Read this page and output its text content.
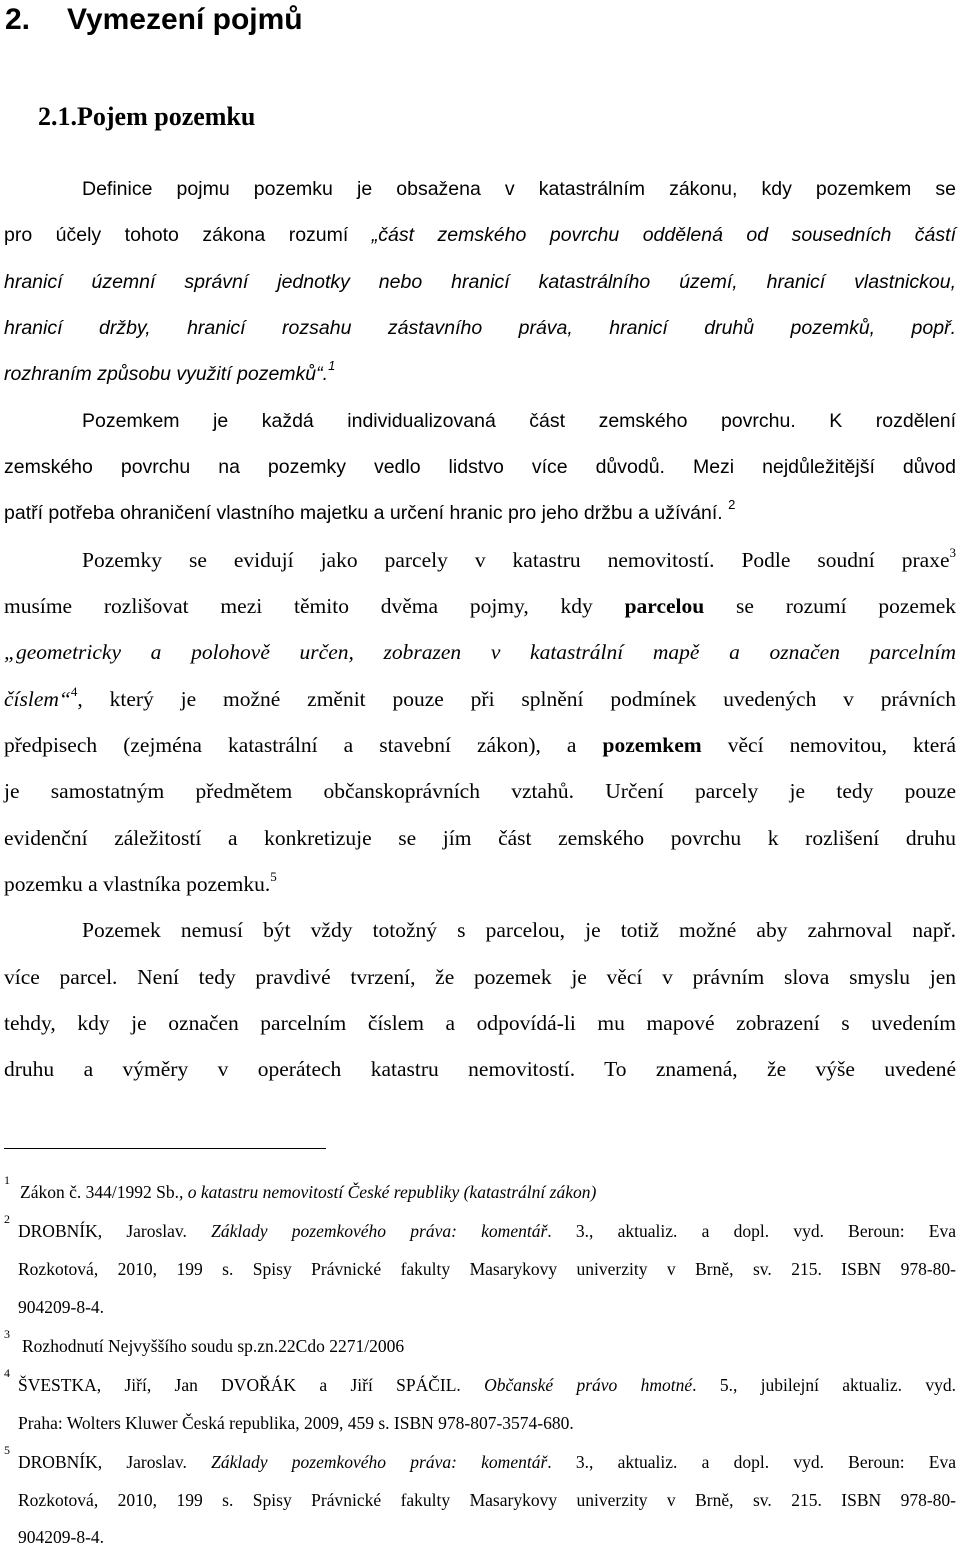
2. Vymezení pojmů
2.1.Pojem pozemku
Definice pojmu pozemku je obsažena v katastrálním zákonu, kdy pozemkem se
pro účely tohoto zákona rozumí „část zemského povrchu oddělená od sousedních částí
hranicí územní správní jednotky nebo hranicí katastrálního území, hranicí vlastnickou,
hranicí držby, hranicí rozsahu zástavního práva, hranicí druhů pozemků, popř.
rozhraním způsobu využití pozemků“.$^1$
Pozemkem je každá individualizovaná část zemského povrchu. K rozdělení
zemského povrchu na pozemky vedlo lidstvo více důvodů. Mezi nejdůležitější důvod
patří potřeba ohraničení vlastního majetku a určení hranic pro jeho držbu a užívání. $^2$
Pozemky se evidují jako parcely v katastru nemovitostí. Podle soudní praxe$^3$
musíme rozlišovat mezi těmito dvěma pojmy, kdy parcelou se rozumí pozemek
„geometricky a polohově určen, zobrazen v katastrální mapě a označen parcelním
číslem“$^4$, který je možné změnit pouze při splnění podmínek uvedených v právních
předpisech (zejména katastrální a stavební zákon), a pozemkem věcí nemovitou, která
je samostatným předmětem občanskoprávních vztahů. Určení parcely je tedy pouze
evidenční záležitostí a konkretizuje se jím část zemského povrchu k rozlišení druhu
pozemku a vlastníka pozemku.$^5$
Pozemek nemusí být vždy totožný s parcelou, je totiž možné aby zahrnoval např.
více parcel. Není tedy pravdivé tvrzení, že pozemek je věcí v právním slova smyslu jen
tehdy, kdy je označen parcelním číslem a odpovídá-li mu mapové zobrazení s uvedením
druhu a výměry v operátech katastru nemovitostí. To znamená, že výše uvedené
1
Zákon č. 344/1992 Sb., o katastru nemovitostí České republiky (katastrální zákon)
2
DROBNÍK, Jaroslav. Základy pozemkového práva: komentář. 3., aktualiz. a dopl. vyd. Beroun: Eva
Rozkotová, 2010, 199 s. Spisy Právnické fakulty Masarykovy univerzity v Brně, sv. 215. ISBN 978-80-
904209-8-4.
3
Rozhodnutí Nejvyššího soudu sp.zn.22Cdo 2271/2006
4
ŠVESTKA, Jiří, Jan DVOŘÁK a Jiří SPÁČIL. Občanské právo hmotné. 5., jubilejní aktualiz. vyd.
Praha: Wolters Kluwer Česká republika, 2009, 459 s. ISBN 978-807-3574-680.
5
DROBNÍK, Jaroslav. Základy pozemkového práva: komentář. 3., aktualiz. a dopl. vyd. Beroun: Eva
Rozkotová, 2010, 199 s. Spisy Právnické fakulty Masarykovy univerzity v Brně, sv. 215. ISBN 978-80-
904209-8-4.
